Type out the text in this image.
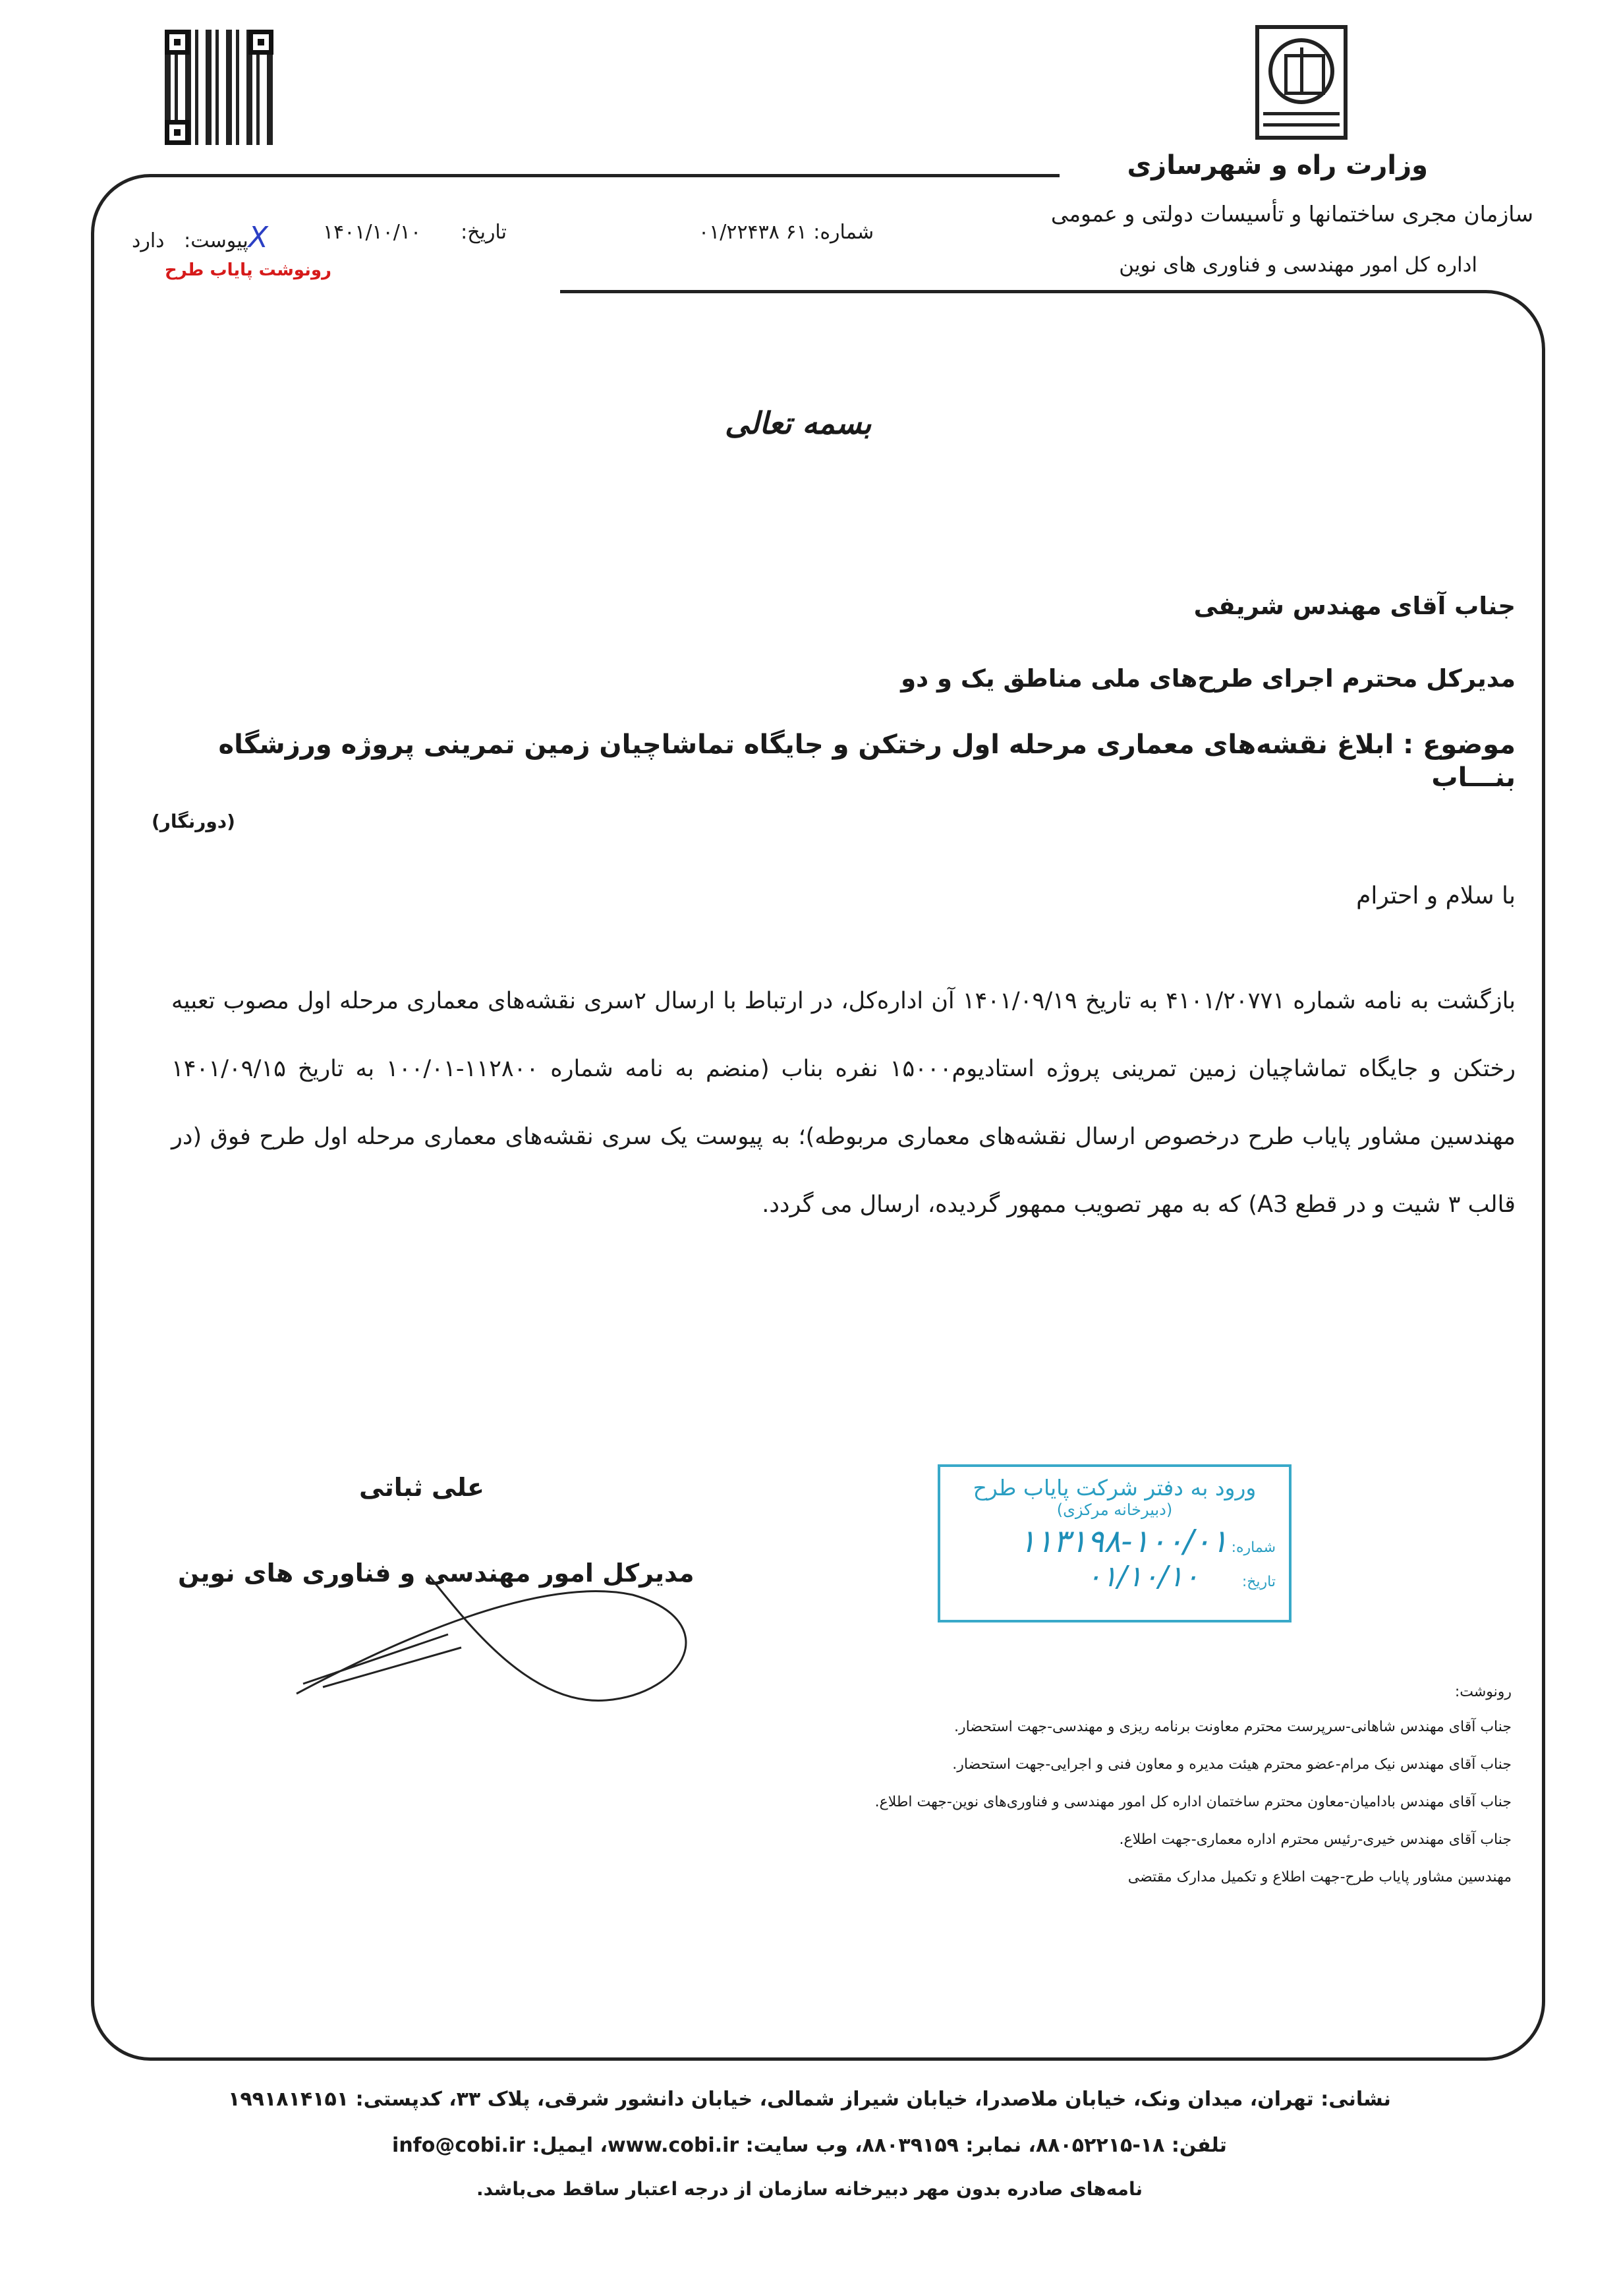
وزارت راه و شهرسازی
سازمان مجری ساختمانها و تأسیسات دولتی و عمومی
اداره کل امور مهندسی و فناوری های نوین
شماره: ۶۱ ۰۱/۲۲۴۳۸
تاریخ:۱۴۰۱/۱۰/۱۰
Xپیوست: دارد
رونوشت پایاب طرح
بسمه تعالی
جناب آقای مهندس شریفی
مدیرکل محترم اجرای طرح‌های ملی مناطق یک و دو
موضوع : ابلاغ نقشه‌های معماری مرحله اول رختکن و جایگاه تماشاچیان زمین تمرینی پروژه ورزشگاه بنـــاب
(دورنگار)
با سلام و احترام
بازگشت به نامه شماره ۴۱۰۱/۲۰۷۷۱ به تاریخ ۱۴۰۱/۰۹/۱۹ آن اداره‌کل، در ارتباط با ارسال ۲سری نقشه‌های معماری مرحله اول مصوب تعبیه رختکن و جایگاه تماشاچیان زمین تمرینی پروژه استادیوم۱۵۰۰۰ نفره بناب (منضم به نامه شماره ۱۱۲۸۰۰-۱۰۰/۰۱ به تاریخ ۱۴۰۱/۰۹/۱۵ مهندسین مشاور پایاب طرح درخصوص ارسال نقشه‌های معماری مربوطه)؛ به پیوست یک سری نقشه‌های معماری مرحله اول طرح فوق (در قالب ۳ شیت و در قطع A3) که به مهر تصویب ممهور گردیده، ارسال می گردد.
علی ثباتی
مدیرکل امور مهندسی و فناوری های نوین
ورود به دفتر شرکت پایاب طرح
(دبیرخانه مرکزی)
شماره: ۱۰۰/۰۱-۱۱۳۱۹۸
تاریخ: ۰۱/۱۰/۱۰
رونوشت:
جناب آقای مهندس شاهانی-سرپرست محترم معاونت برنامه ریزی و مهندسی-جهت استحضار.
جناب آقای مهندس نیک مرام-عضو محترم هیئت مدیره و معاون فنی و اجرایی-جهت استحضار.
جناب آقای مهندس بادامیان-معاون محترم ساختمان اداره کل امور مهندسی و فناوری‌های نوین-جهت اطلاع.
جناب آقای مهندس خیری-رئیس محترم اداره معماری-جهت اطلاع.
مهندسین مشاور پایاب طرح-جهت اطلاع و تکمیل مدارک مقتضی
نشانی: تهران، میدان ونک، خیابان ملاصدرا، خیابان شیراز شمالی، خیابان دانشور شرقی، پلاک ۳۳، کدپستی: ۱۹۹۱۸۱۴۱۵۱
تلفن: ۱۸-۸۸۰۵۲۲۱۵، نمابر: ۸۸۰۳۹۱۵۹، وب سایت: www.cobi.ir، ایمیل: info@cobi.ir
نامه‌های صادره بدون مهر دبیرخانه سازمان از درجه اعتبار ساقط می‌باشد.
